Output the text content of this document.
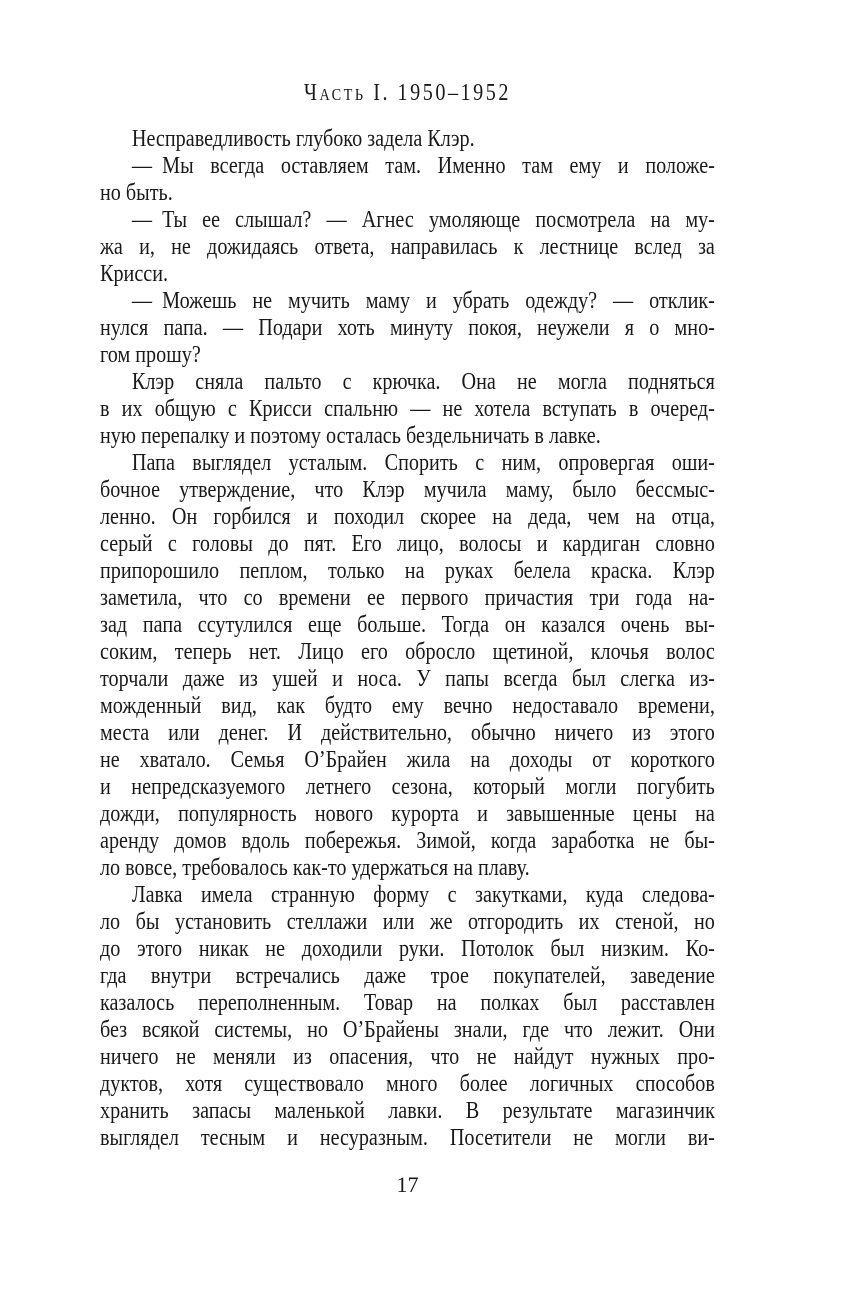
Часть I. 1950–1952
Несправедливость глубоко задела Клэр.
— Мы всегда оставляем там. Именно там ему и положе-
но быть.
— Ты ее слышал? — Агнес умоляюще посмотрела на му-
жа и, не дожидаясь ответа, направилась к лестнице вслед за
Крисси.
— Можешь не мучить маму и убрать одежду? — отклик-
нулся папа. — Подари хоть минуту покоя, неужели я о мно-
гом прошу?
Клэр сняла пальто с крючка. Она не могла подняться
в их общую с Крисси спальню — не хотела вступать в очеред-
ную перепалку и поэтому осталась бездельничать в лавке.
Папа выглядел усталым. Спорить с ним, опровергая оши-
бочное утверждение, что Клэр мучила маму, было бессмыс-
ленно. Он горбился и походил скорее на деда, чем на отца,
серый с головы до пят. Его лицо, волосы и кардиган словно
припорошило пеплом, только на руках белела краска. Клэр
заметила, что со времени ее первого причастия три года на-
зад папа ссутулился еще больше. Тогда он казался очень вы-
соким, теперь нет. Лицо его обросло щетиной, клочья волос
торчали даже из ушей и носа. У папы всегда был слегка из-
можденный вид, как будто ему вечно недоставало времени,
места или денег. И действительно, обычно ничего из этого
не хватало. Семья О’Брайен жила на доходы от короткого
и непредсказуемого летнего сезона, который могли погубить
дожди, популярность нового курорта и завышенные цены на
аренду домов вдоль побережья. Зимой, когда заработка не бы-
ло вовсе, требовалось как-то удержаться на плаву.
Лавка имела странную форму с закутками, куда следова-
ло бы установить стеллажи или же отгородить их стеной, но
до этого никак не доходили руки. Потолок был низким. Ко-
гда внутри встречались даже трое покупателей, заведение
казалось переполненным. Товар на полках был расставлен
без всякой системы, но О’Брайены знали, где что лежит. Они
ничего не меняли из опасения, что не найдут нужных про-
дуктов, хотя существовало много более логичных способов
хранить запасы маленькой лавки. В результате магазинчик
выглядел тесным и несуразным. Посетители не могли ви-
17
